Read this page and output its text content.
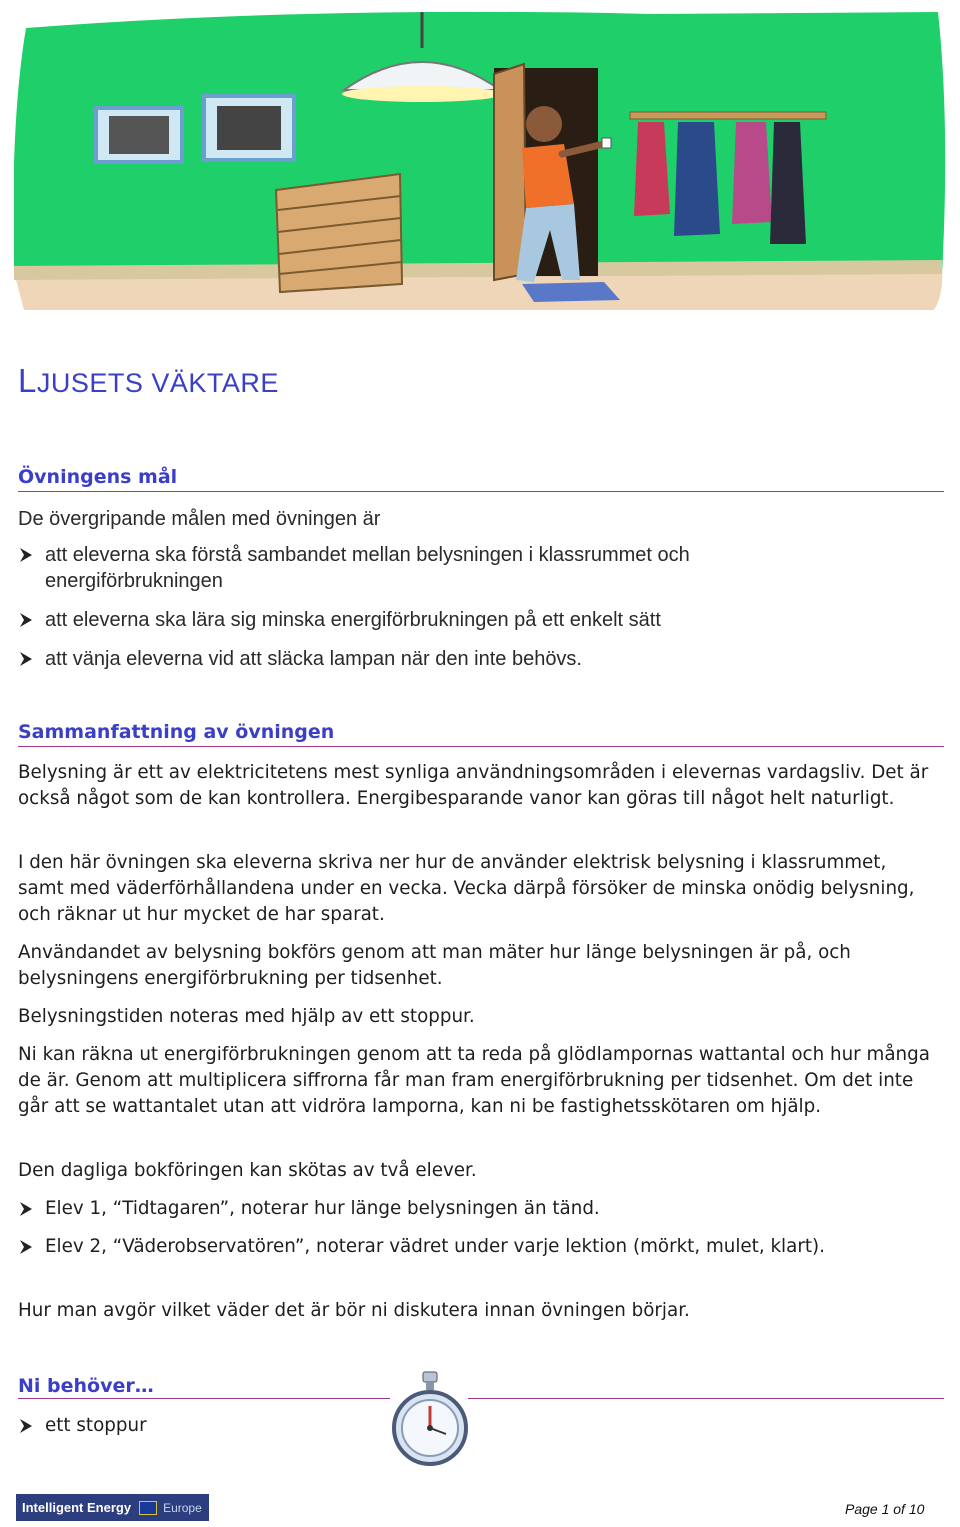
LJUSETS VÄKTARE
Övningens mål
De övergripande målen med övningen är
att eleverna ska förstå sambandet mellan belysningen i klassrummet och
energiförbrukningen
att eleverna ska lära sig minska energiförbrukningen på ett enkelt sätt
att vänja eleverna vid att släcka lampan när den inte behövs.
Sammanfattning av övningen
Belysning är ett av elektricitetens mest synliga användningsområden i elevernas vardagsliv. Det är också något som de kan kontrollera. Energibesparande vanor kan göras till något helt naturligt.
I den här övningen ska eleverna skriva ner hur de använder elektrisk belysning i klassrummet, samt med väderförhållandena under en vecka. Vecka därpå försöker de minska onödig belysning, och räknar ut hur mycket de har sparat.
Användandet av belysning bokförs genom att man mäter hur länge belysningen är på, och belysningens energiförbrukning per tidsenhet.
Belysningstiden noteras med hjälp av ett stoppur.
Ni kan räkna ut energiförbrukningen genom att ta reda på glödlampornas wattantal och hur många de är. Genom att multiplicera siffrorna får man fram energiförbrukning per tidsenhet. Om det inte går att se wattantalet utan att vidröra lamporna, kan ni be fastighetsskötaren om hjälp.
Den dagliga bokföringen kan skötas av två elever.
Elev 1, “Tidtagaren”, noterar hur länge belysningen än tänd.
Elev 2, “Väderobservatören”, noterar vädret under varje lektion (mörkt, mulet, klart).
Hur man avgör vilket väder det är bör ni diskutera innan övningen börjar.
Ni behöver…
ett stoppur
Intelligent Energy	Europe	Page 1 of 10
